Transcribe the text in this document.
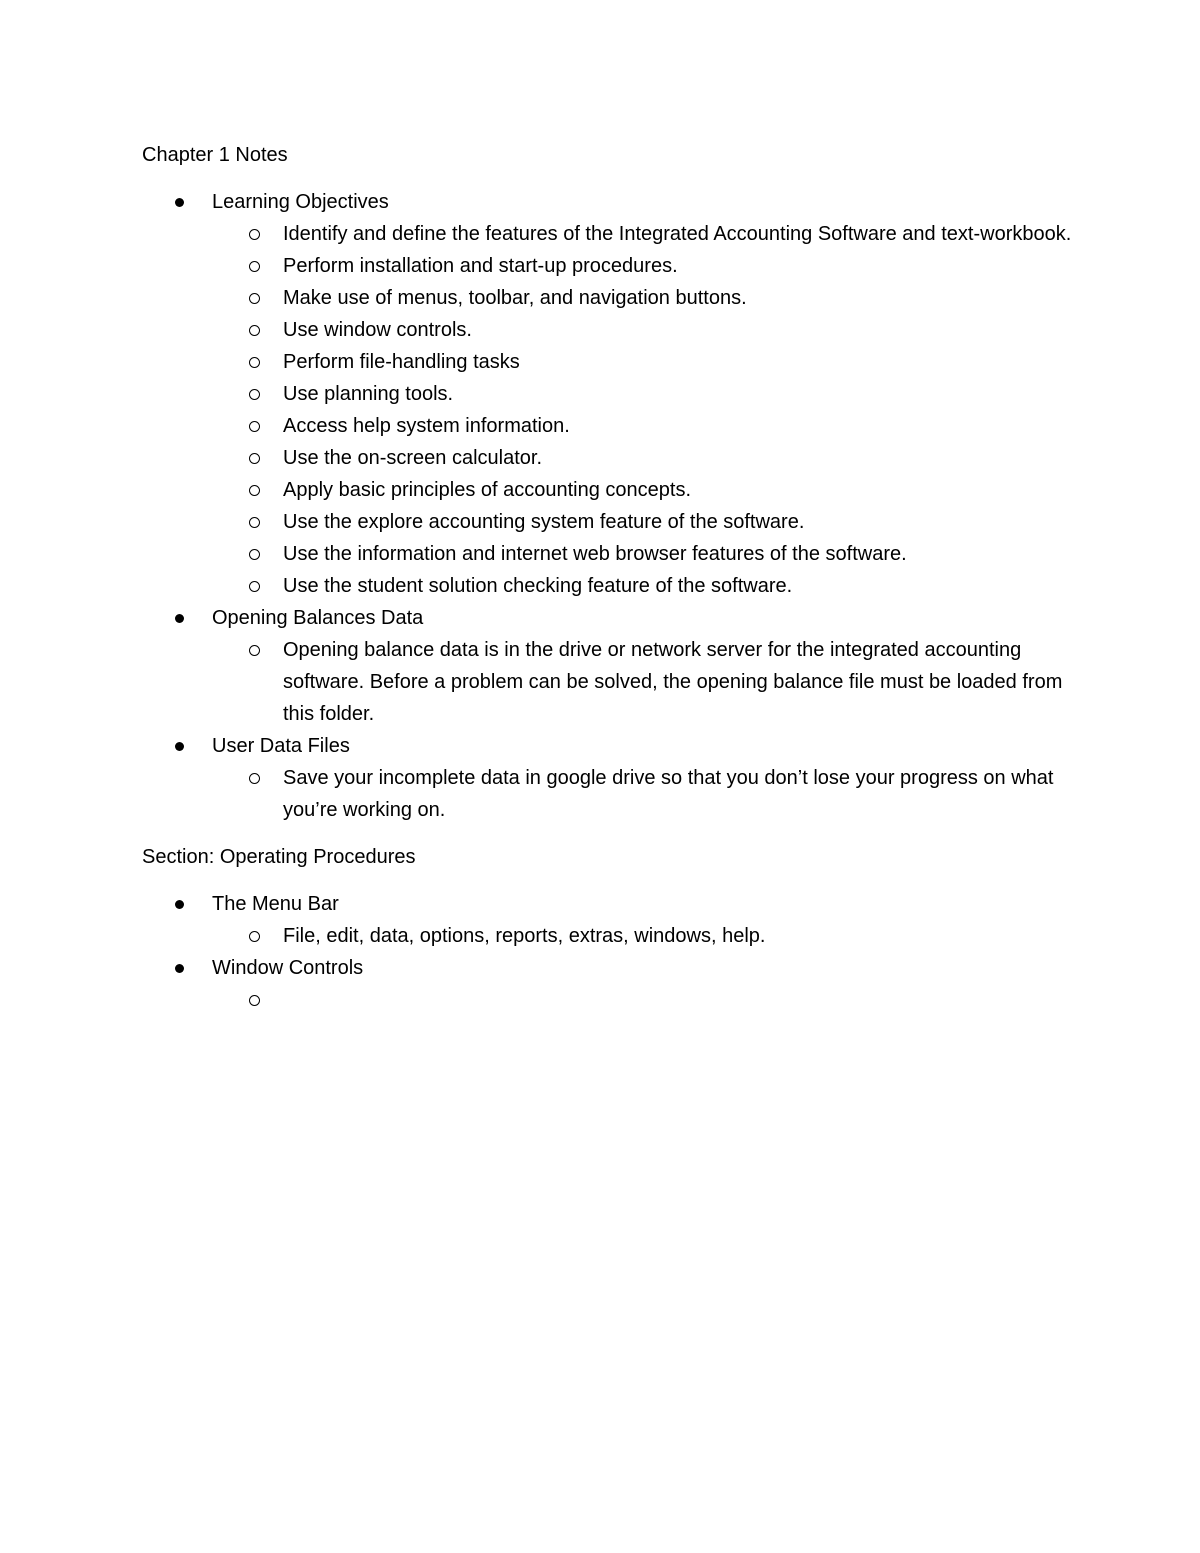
Chapter 1 Notes

Learning Objectives
Identify and define the features of the Integrated Accounting Software and text-workbook.
Perform installation and start-up procedures.
Make use of menus, toolbar, and navigation buttons.
Use window controls.
Perform file-handling tasks
Use planning tools.
Access help system information.
Use the on-screen calculator.
Apply basic principles of accounting concepts.
Use the explore accounting system feature of the software.
Use the information and internet web browser features of the software.
Use the student solution checking feature of the software.
Opening Balances Data
Opening balance data is in the drive or network server for the integrated accounting software. Before a problem can be solved, the opening balance file must be loaded from this folder.
User Data Files
Save your incomplete data in google drive so that you don’t lose your progress on what you’re working on.

Section: Operating Procedures

The Menu Bar
File, edit, data, options, reports, extras, windows, help.
Window Controls
